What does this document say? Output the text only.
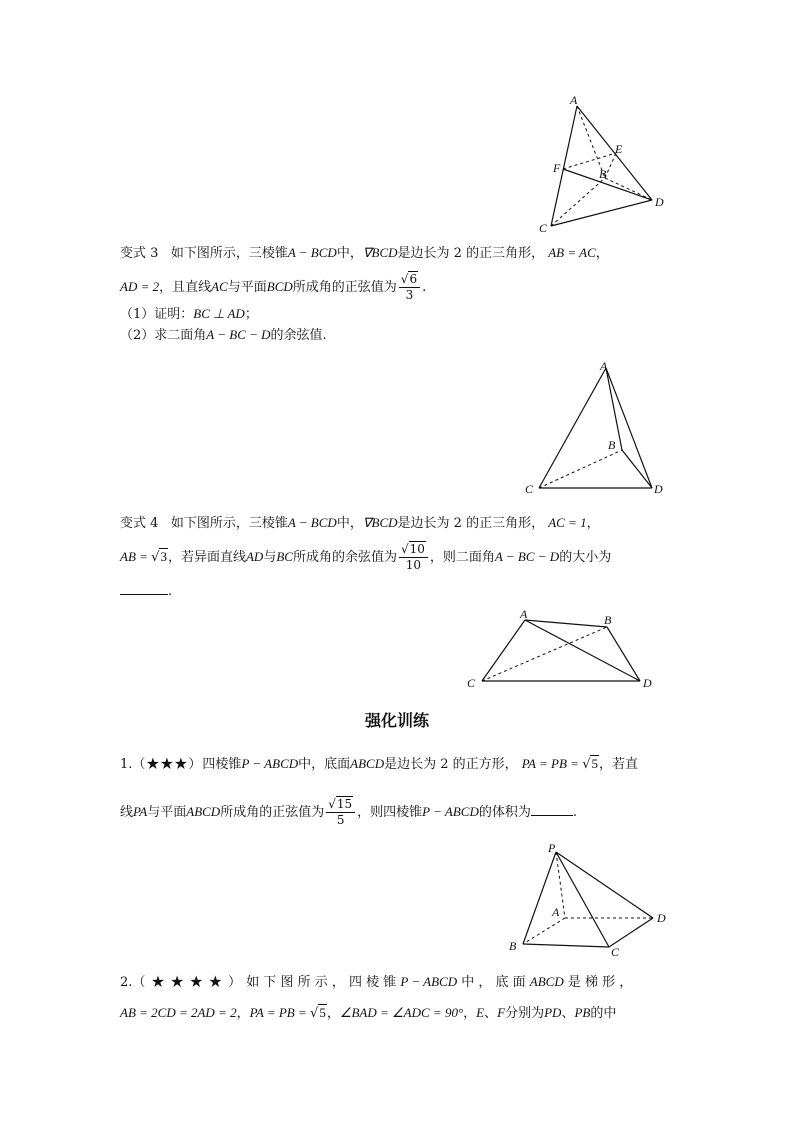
A
E
F	B
D
C
变式 3 如下图所示，三棱锥A − BCD中，∇BCD是边长为 2 的正三角形， AB = AC，
AD = 2，且直线AC与平面BCD所成角的正弦值为 $\frac{√6}{3}$ .
（1）证明：BC ⊥ AD；
（2）求二面角A − BC − D的余弦值.
A
B
C	D
变式 4 如下图所示，三棱锥A − BCD中，∇BCD是边长为 2 的正三角形， AC = 1，
AB = √3，若异面直线AD与BC所成角的余弦值为 $\frac{√10}{10}$ ，则二面角A − BC − D的大小为
.
A	B
C	D
强化训练
1.（★★★）四棱锥P − ABCD中，底面ABCD是边长为 2 的正方形， PA = PB = √5，若直
线PA与平面ABCD所成角的正弦值为 $\frac{√15}{5}$ ，则四棱锥P − ABCD的体积为	.
P
A	D
B	C
2.（ ★ ★ ★ ★ ） 如 下 图 所 示 ， 四 棱 锥 P − ABCD 中 ， 底 面 ABCD 是 梯 形 ，
AB = 2CD = 2AD = 2，PA = PB = √5，∠BAD = ∠ADC = 90°，E、F分别为PD、PB的中
